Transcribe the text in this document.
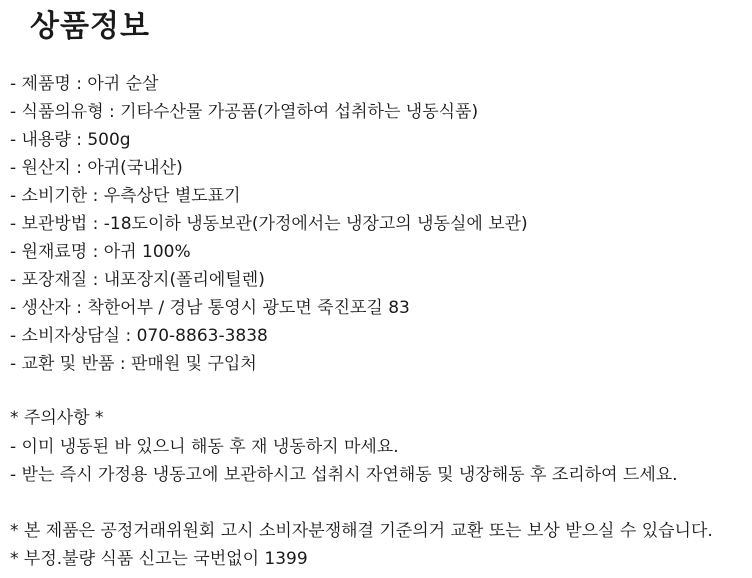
상품정보
- 제품명 : 아귀 순살
- 식품의유형 : 기타수산물 가공품(가열하여 섭취하는 냉동식품)
- 내용량 : 500g
- 원산지 : 아귀(국내산)
- 소비기한 : 우측상단 별도표기
- 보관방법 : -18도이하 냉동보관(가정에서는 냉장고의 냉동실에 보관)
- 원재료명 : 아귀 100%
- 포장재질 : 내포장지(폴리에틸렌)
- 생산자 : 착한어부 / 경남 통영시 광도면 죽진포길 83
- 소비자상담실 : 070-8863-3838
- 교환 및 반품 : 판매원 및 구입처
* 주의사항 *
- 이미 냉동된 바 있으니 해동 후 재 냉동하지 마세요.
- 받는 즉시 가정용 냉동고에 보관하시고 섭취시 자연해동 및 냉장해동 후 조리하여 드세요.
* 본 제품은 공정거래위원회 고시 소비자분쟁해결 기준의거 교환 또는 보상 받으실 수 있습니다.
* 부정.불량 식품 신고는 국번없이 1399
